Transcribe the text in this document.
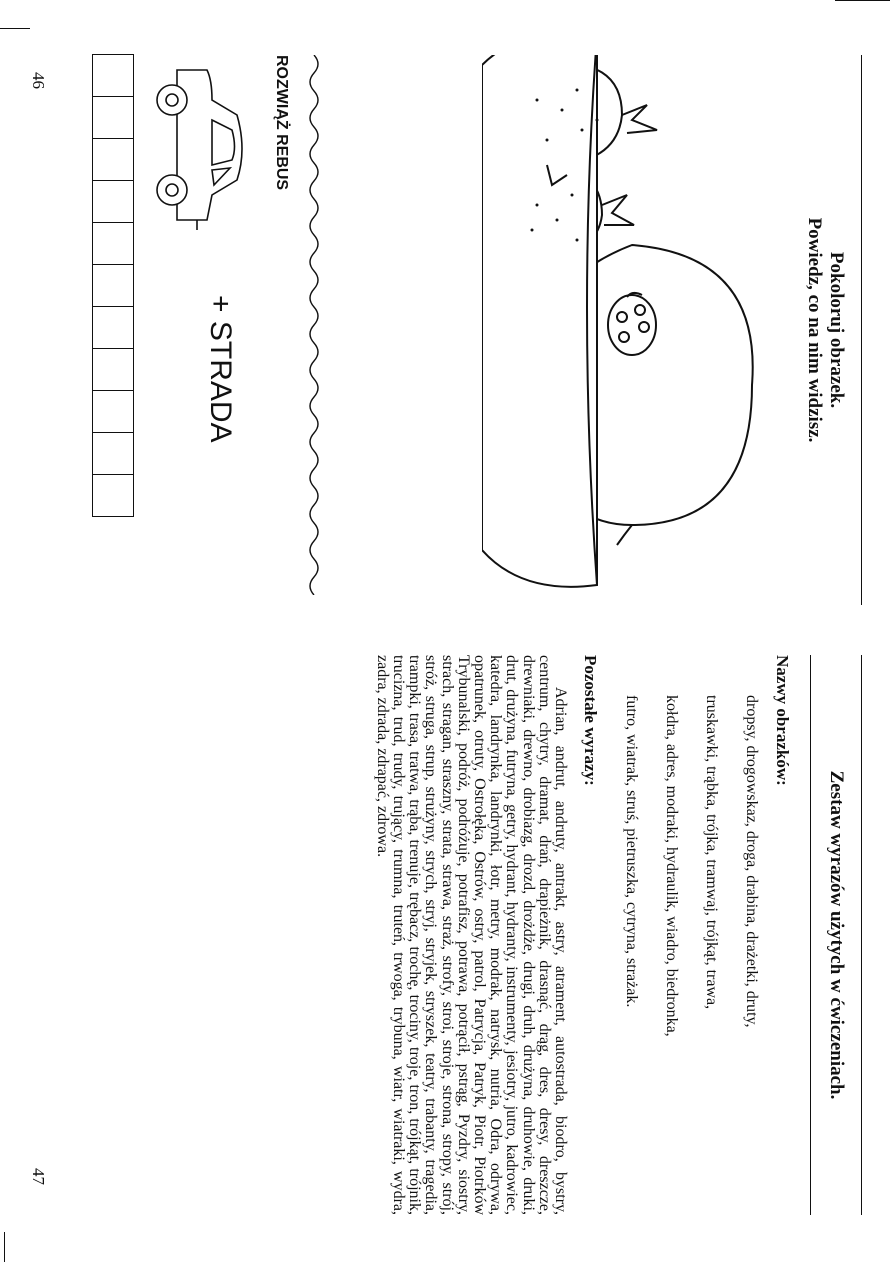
46
47

Pokoloruj obrazek.

Powiedz, co na nim widzisz.

ROZWIĄŻ REBUS
+ STRADA

Zestaw wyrazów użytych w ćwiczeniach.

Nazwy obrazków:

dropsy, drogowskaz, droga, drabina, drażetki, druty,

truskawki, trąbka, trójka, tramwaj, trójkąt, trawa,

kołdra, adres, modraki, hydraulik, wiadro, biedronka,

futro, wiatrak, struś, pietruszka, cytryna, strażak.

Pozostałe wyrazy:

Adrian, andrut, andruty, antrakt, astry, atrament, autostrada, biodro, bystry, centrum, chytry, dramat, drań, drapieżnik, drasnąć, drąg, dres, dresy, dreszcze, drewniaki, drewno, drobiazg, drozd, drożdże, drugi, druh, drużyna, druhowie, druki, drut, drużyna, futryna, getry, hydrant, hydranty, instrumenty, jesiotry, jutro, kadrowiec, katedra, landrynka, landrynki, łotr, metry, modrak, natrysk, nutria, Odra, odrywa, opatrunek, otruty, Ostrołęka, Ostrów, ostry, patrol, Patrycja, Patryk, Piotr, Piotrków Trybunalski, podróż, podróżuje, potrafisz, potrawa, potrącił, pstrąg, Pyzdry, siostry, strach, stragan, straszny, strata, strawa, straż, strofy, stroi, stroje, strona, stropy, strój, stróż, struga, strup, strużyny, strych, stryj, stryjek, stryszek, teatry, trabanty, tragedia, trampki, trasa, tratwa, trąba, trenuje, trębacz, trochę, trociny, troje, tron, trójkąt, trójnik, trucizna, trud, trudy, trujący, trumna, truteń, trwoga, trybuna, wiatr, wiatraki, wydra, zadra, zdrada, zdrapać, zdrowa.
